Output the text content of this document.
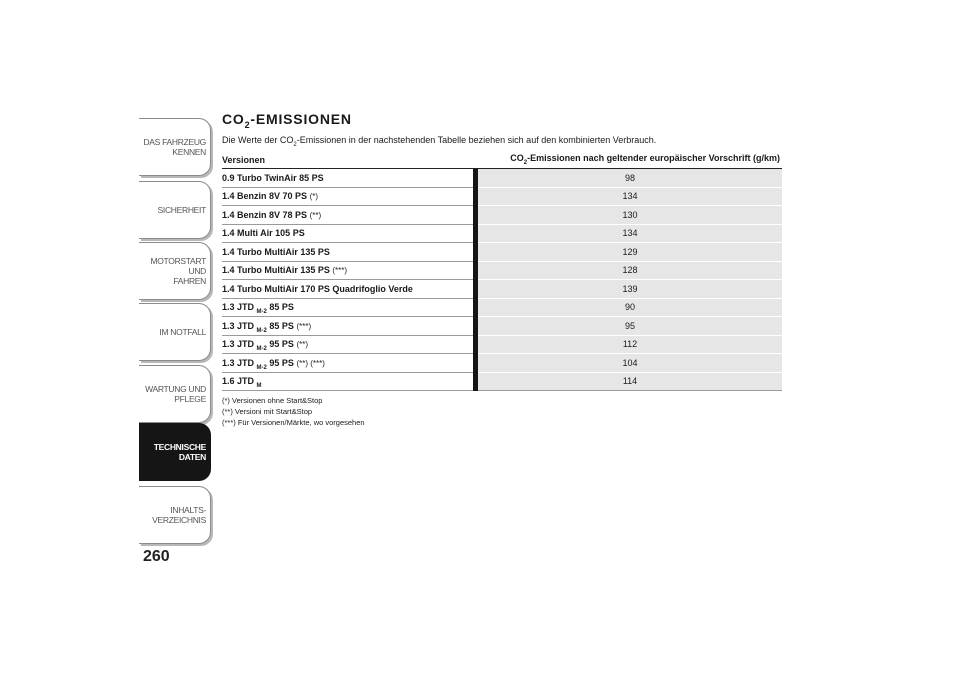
DAS FAHRZEUG
KENNEN
SICHERHEIT
MOTORSTART UND
FAHREN
IM NOTFALL
WARTUNG UND
PFLEGE
TECHNISCHE
DATEN
INHALTS-
VERZEICHNIS
260
$CO_2$-EMISSIONEN
Die Werte der $CO_2$-Emissionen in der nachstehenden Tabelle beziehen sich auf den kombinierten Verbrauch.
Versionen		$CO_2$-Emissionen nach geltender europäischer Vorschrift (g/km)
0.9 Turbo TwinAir 85 PS		98
1.4 Benzin 8V 70 PS (*)		134
1.4 Benzin 8V 78 PS (**)		130
1.4 Multi Air 105 PS		134
1.4 Turbo MultiAir 135 PS		129
1.4 Turbo MultiAir 135 PS (***)		128
1.4 Turbo MultiAir 170 PS Quadrifoglio Verde		139
1.3 JTD $_{M-2}$ 85 PS		90
1.3 JTD $_{M-2}$ 85 PS (***)		95
1.3 JTD $_{M-2}$ 95 PS (**)		112
1.3 JTD $_{M-2}$ 95 PS (**) (***)		104
1.6 JTD $_M$		114
(*) Versionen ohne Start&Stop
(**) Versioni mit Start&Stop
(***) Für Versionen/Märkte, wo vorgesehen
